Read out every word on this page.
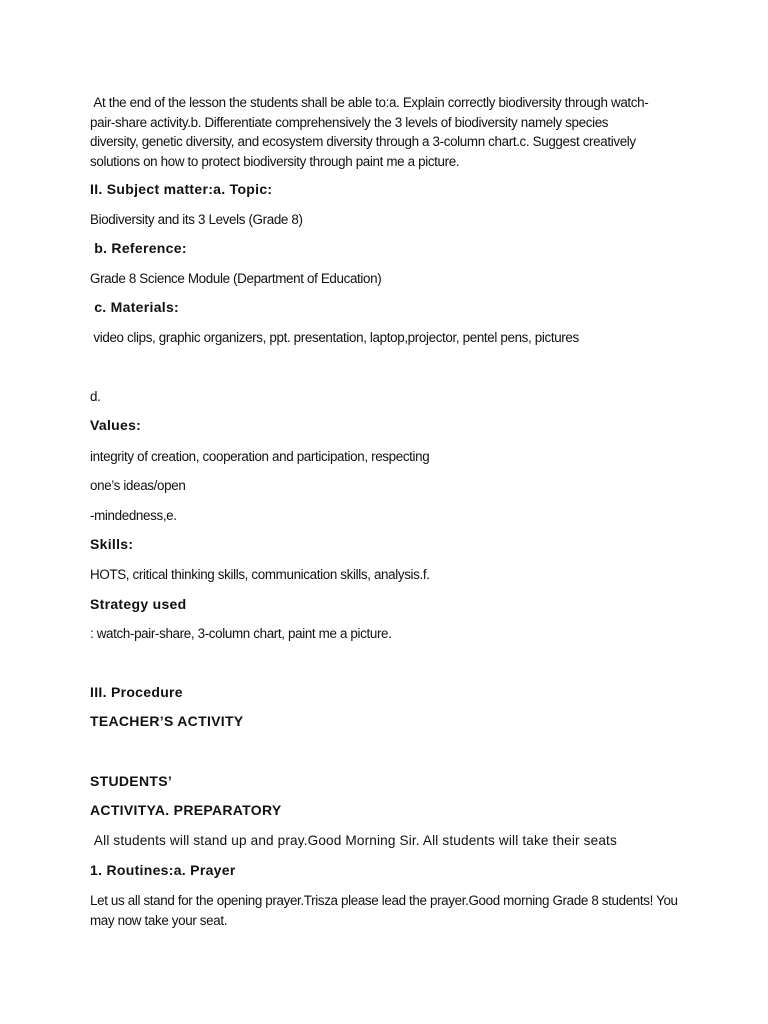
At the end of the lesson the students shall be able to:a. Explain correctly biodiversity through watch-pair-share activity.b. Differentiate comprehensively the 3 levels of biodiversity namely species diversity, genetic diversity, and ecosystem diversity through a 3-column chart.c. Suggest creatively solutions on how to protect biodiversity through paint me a picture.

II. Subject matter:a. Topic:

Biodiversity and its 3 Levels (Grade 8)

b. Reference:

Grade 8 Science Module (Department of Education)

c. Materials:

video clips, graphic organizers, ppt. presentation, laptop,projector, pentel pens, pictures

d.

Values:

integrity of creation, cooperation and participation, respecting

one’s ideas/open

-mindedness,e.

Skills:

HOTS, critical thinking skills, communication skills, analysis.f.

Strategy used

: watch-pair-share, 3-column chart, paint me a picture.

III. Procedure

TEACHER’S ACTIVITY

STUDENTS’

ACTIVITYA. PREPARATORY

All students will stand up and pray.Good Morning Sir. All students will take their seats

1. Routines:a. Prayer

Let us all stand for the opening prayer.Trisza please lead the prayer.Good morning Grade 8 students! You may now take your seat.
